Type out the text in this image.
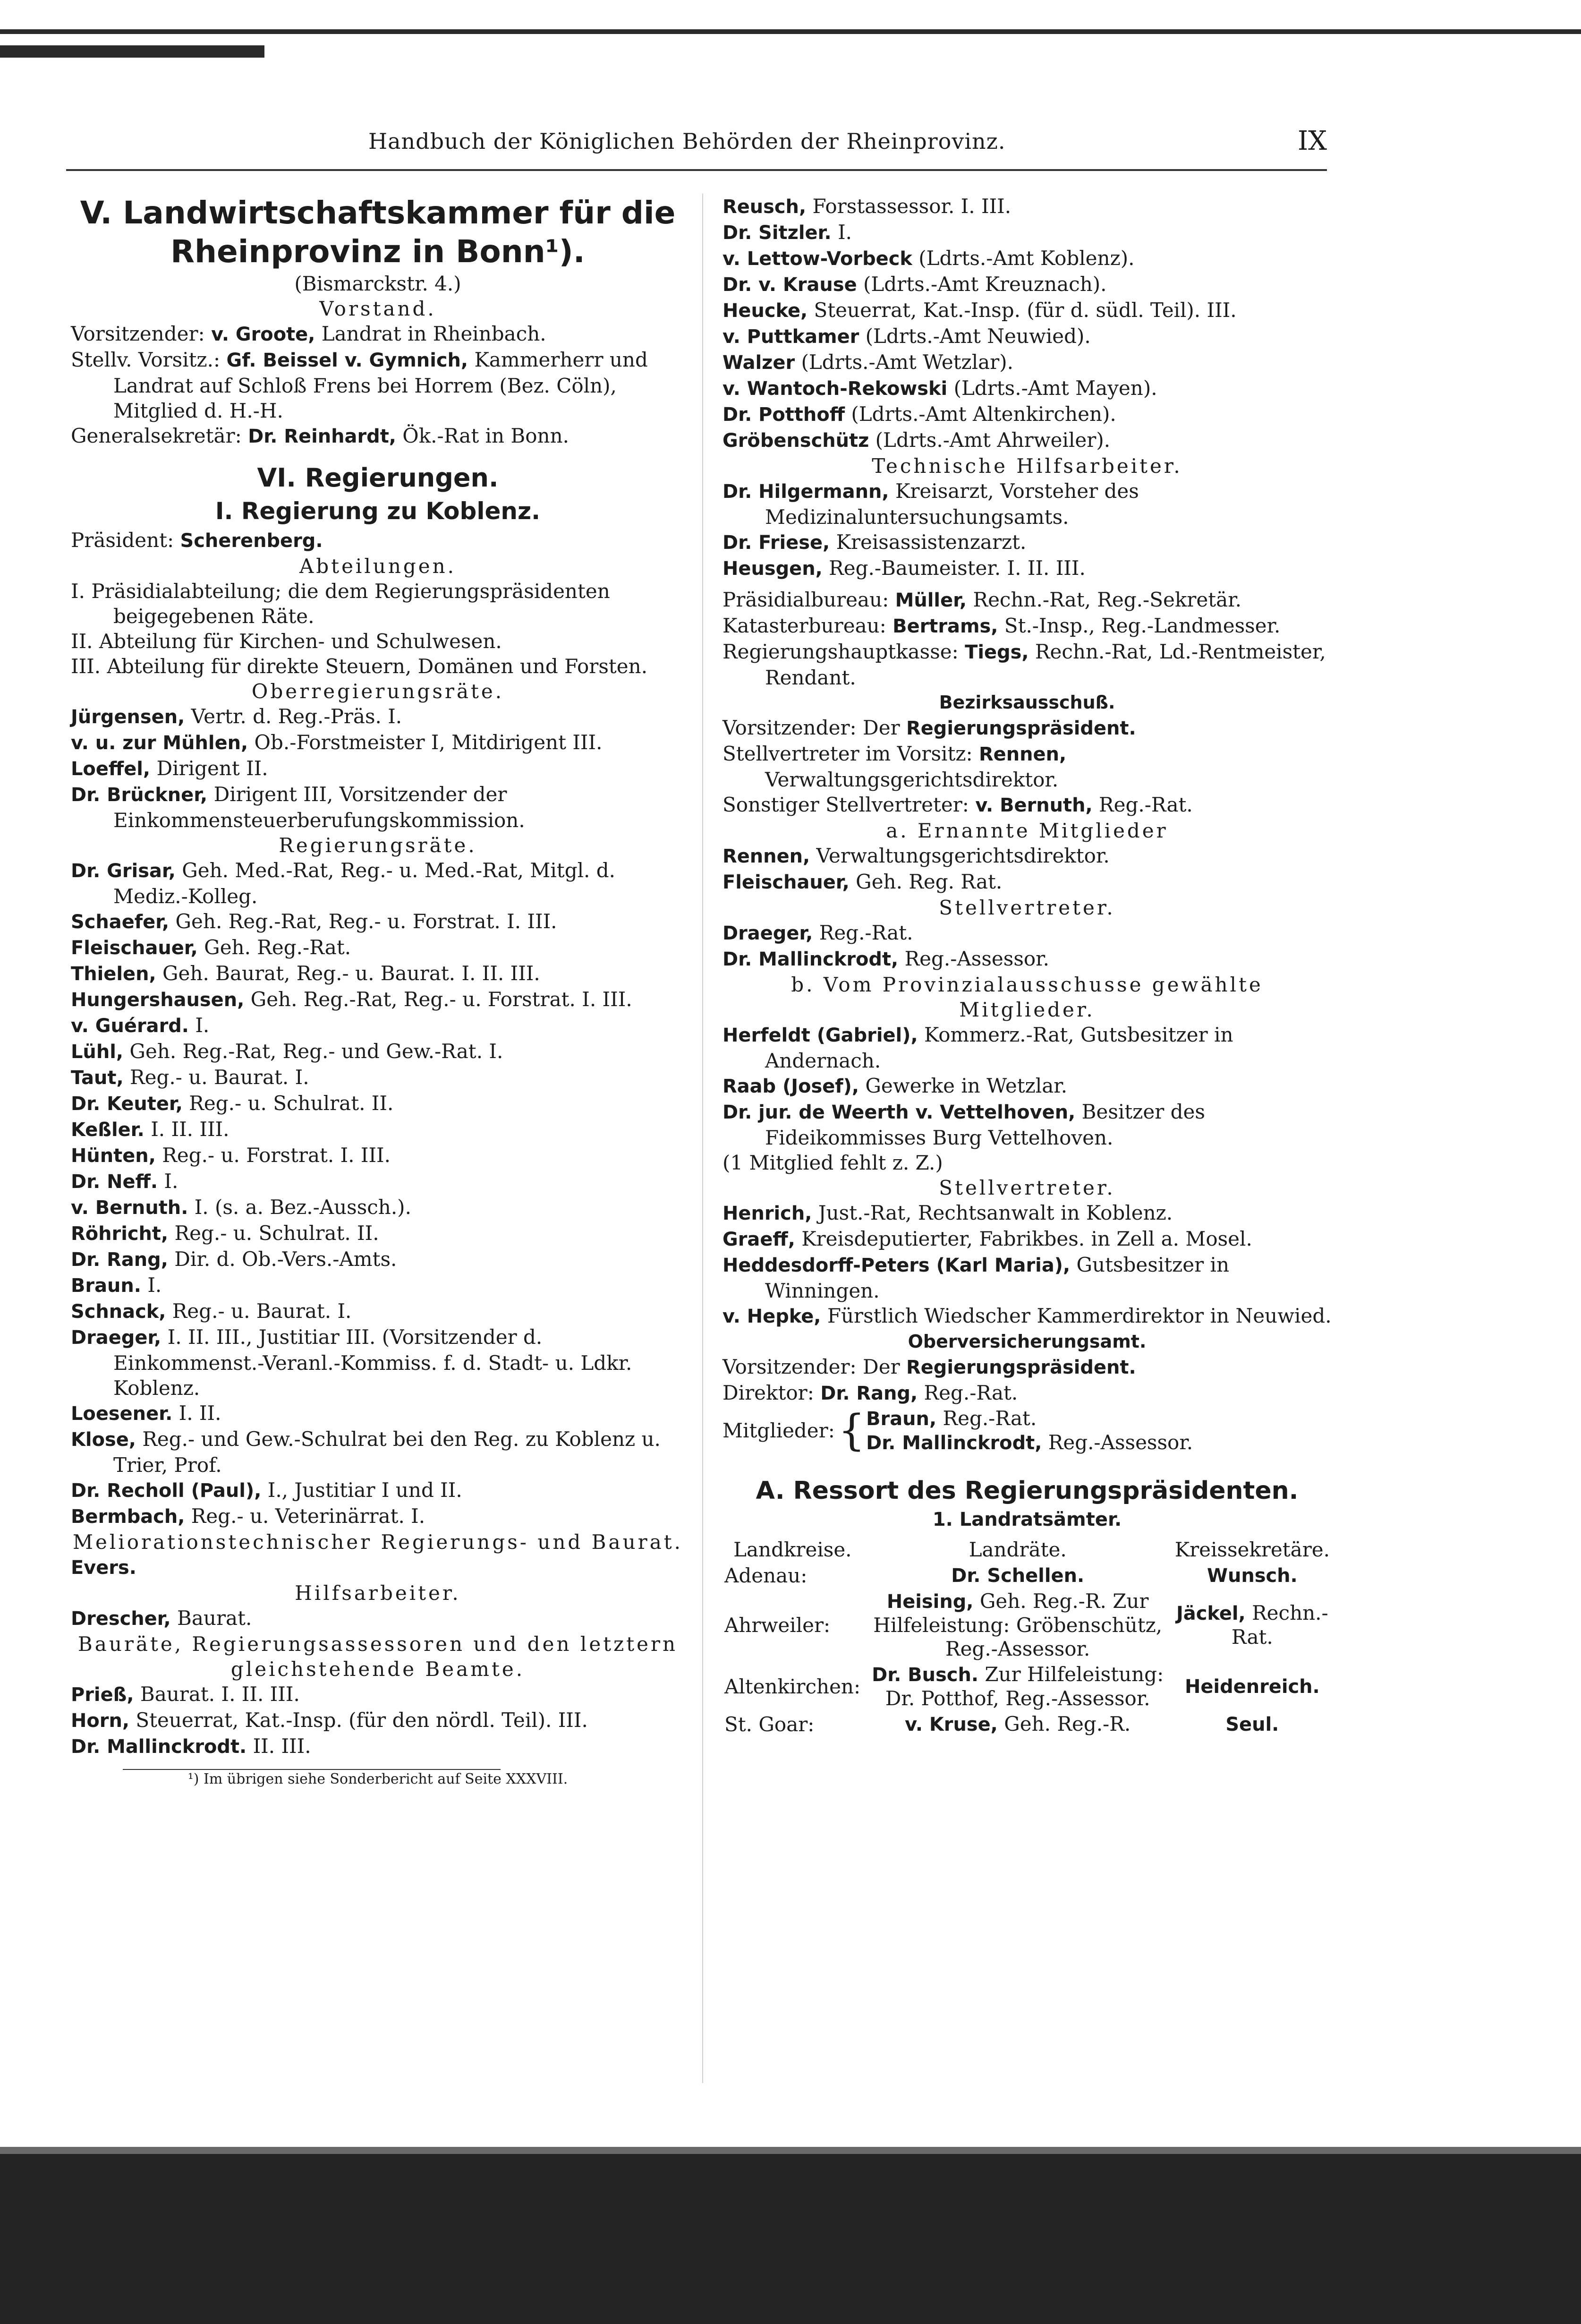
Handbuch der Königlichen Behörden der Rheinprovinz.	IX

V. Landwirtschaftskammer für die Rheinprovinz in Bonn¹).

(Bismarckstr. 4.)

Vorstand.

Vorsitzender: v. Groote, Landrat in Rheinbach.

Stellv. Vorsitz.: Gf. Beissel v. Gymnich, Kammerherr und Landrat auf Schloß Frens bei Horrem (Bez. Cöln), Mitglied d. H.-H.

Generalsekretär: Dr. Reinhardt, Ök.-Rat in Bonn.

VI. Regierungen.

I. Regierung zu Koblenz.

Präsident: Scherenberg.

Abteilungen.

I. Präsidialabteilung; die dem Regierungspräsidenten beigegebenen Räte.

II. Abteilung für Kirchen- und Schulwesen.

III. Abteilung für direkte Steuern, Domänen und Forsten.

Oberregierungsräte.

Jürgensen, Vertr. d. Reg.-Präs. I.

v. u. zur Mühlen, Ob.-Forstmeister I, Mitdirigent III.

Loeffel, Dirigent II.

Dr. Brückner, Dirigent III, Vorsitzender der Einkommensteuerberufungskommission.

Regierungsräte.

Dr. Grisar, Geh. Med.-Rat, Reg.- u. Med.-Rat, Mitgl. d. Mediz.-Kolleg.

Schaefer, Geh. Reg.-Rat, Reg.- u. Forstrat. I. III.

Fleischauer, Geh. Reg.-Rat.

Thielen, Geh. Baurat, Reg.- u. Baurat. I. II. III.

Hungershausen, Geh. Reg.-Rat, Reg.- u. Forstrat. I. III.

v. Guérard. I.

Lühl, Geh. Reg.-Rat, Reg.- und Gew.-Rat. I.

Taut, Reg.- u. Baurat. I.

Dr. Keuter, Reg.- u. Schulrat. II.

Keßler. I. II. III.

Hünten, Reg.- u. Forstrat. I. III.

Dr. Neff. I.

v. Bernuth. I. (s. a. Bez.-Aussch.).

Röhricht, Reg.- u. Schulrat. II.

Dr. Rang, Dir. d. Ob.-Vers.-Amts.

Braun. I.

Schnack, Reg.- u. Baurat. I.

Draeger, I. II. III., Justitiar III. (Vorsitzender d. Einkommenst.-Veranl.-Kommiss. f. d. Stadt- u. Ldkr. Koblenz.

Loesener. I. II.

Klose, Reg.- und Gew.-Schulrat bei den Reg. zu Koblenz u. Trier, Prof.

Dr. Recholl (Paul), I., Justitiar I und II.

Bermbach, Reg.- u. Veterinärrat. I.

Meliorationstechnischer Regierungs- und Baurat.

Evers.

Hilfsarbeiter.

Drescher, Baurat.

Bauräte, Regierungsassessoren und den letztern gleichstehende Beamte.

Prieß, Baurat. I. II. III.

Horn, Steuerrat, Kat.-Insp. (für den nördl. Teil). III.

Dr. Mallinckrodt. II. III.

¹) Im übrigen siehe Sonderbericht auf Seite XXXVIII.

Reusch, Forstassessor. I. III.

Dr. Sitzler. I.

v. Lettow-Vorbeck (Ldrts.-Amt Koblenz).

Dr. v. Krause (Ldrts.-Amt Kreuznach).

Heucke, Steuerrat, Kat.-Insp. (für d. südl. Teil). III.

v. Puttkamer (Ldrts.-Amt Neuwied).

Walzer (Ldrts.-Amt Wetzlar).

v. Wantoch-Rekowski (Ldrts.-Amt Mayen).

Dr. Potthoff (Ldrts.-Amt Altenkirchen).

Gröbenschütz (Ldrts.-Amt Ahrweiler).

Technische Hilfsarbeiter.

Dr. Hilgermann, Kreisarzt, Vorsteher des Medizinaluntersuchungsamts.

Dr. Friese, Kreisassistenzarzt.

Heusgen, Reg.-Baumeister. I. II. III.

Präsidialbureau: Müller, Rechn.-Rat, Reg.-Sekretär.

Katasterbureau: Bertrams, St.-Insp., Reg.-Landmesser.

Regierungshauptkasse: Tiegs, Rechn.-Rat, Ld.-Rentmeister, Rendant.

Bezirksausschuß.

Vorsitzender: Der Regierungspräsident.

Stellvertreter im Vorsitz: Rennen, Verwaltungsgerichtsdirektor.

Sonstiger Stellvertreter: v. Bernuth, Reg.-Rat.

a. Ernannte Mitglieder

Rennen, Verwaltungsgerichtsdirektor.

Fleischauer, Geh. Reg. Rat.

Stellvertreter.

Draeger, Reg.-Rat.

Dr. Mallinckrodt, Reg.-Assessor.

b. Vom Provinzialausschusse gewählte Mitglieder.

Herfeldt (Gabriel), Kommerz.-Rat, Gutsbesitzer in Andernach.

Raab (Josef), Gewerke in Wetzlar.

Dr. jur. de Weerth v. Vettelhoven, Besitzer des Fideikommisses Burg Vettelhoven.

(1 Mitglied fehlt z. Z.)

Stellvertreter.

Henrich, Just.-Rat, Rechtsanwalt in Koblenz.

Graeff, Kreisdeputierter, Fabrikbes. in Zell a. Mosel.

Heddesdorff-Peters (Karl Maria), Gutsbesitzer in Winningen.

v. Hepke, Fürstlich Wiedscher Kammerdirektor in Neuwied.

Oberversicherungsamt.

Vorsitzender: Der Regierungspräsident.

Direktor: Dr. Rang, Reg.-Rat.

Mitglieder:	{	Braun, Reg.-Rat.
Dr. Mallinckrodt, Reg.-Assessor.

A. Ressort des Regierungspräsidenten.

1. Landratsämter.

Landkreise.	Landräte.	Kreissekretäre.
Adenau:	Dr. Schellen.	Wunsch.
Ahrweiler:	Heising, Geh. Reg.-R. Zur Hilfeleistung: Gröbenschütz, Reg.-Assessor.	Jäckel, Rechn.-Rat.
Altenkirchen:	Dr. Busch. Zur Hilfeleistung: Dr. Potthof, Reg.-Assessor.	Heidenreich.
St. Goar:	v. Kruse, Geh. Reg.-R.	Seul.
